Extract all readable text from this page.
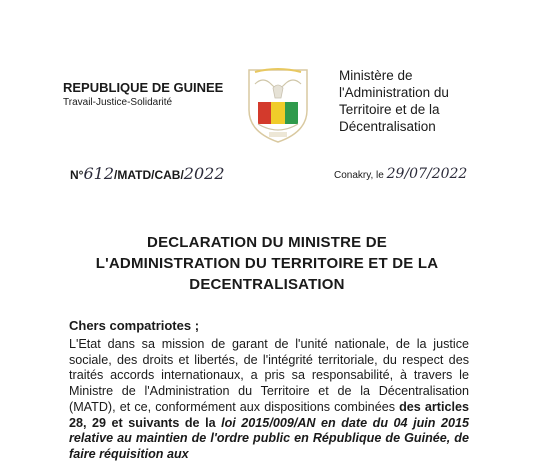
REPUBLIQUE DE GUINEE
Travail-Justice-Solidarité
Ministère de
l'Administration du
Territoire et de la
Décentralisation
N°612/MATD/CAB/2022	Conakry, le 29/07/2022
DECLARATION DU MINISTRE DE
L'ADMINISTRATION DU TERRITOIRE ET DE LA
DECENTRALISATION
Chers compatriotes ;
L'Etat dans sa mission de garant de l'unité nationale, de la justice sociale, des droits et libertés, de l'intégrité territoriale, du respect des traités accords internationaux, a pris sa responsabilité, à travers le Ministre de l'Administration du Territoire et de la Décentralisation (MATD), et ce, conformément aux dispositions combinées des articles 28, 29 et suivants de la loi 2015/009/AN en date du 04 juin 2015 relative au maintien de l'ordre public en République de Guinée, de faire réquisition aux
